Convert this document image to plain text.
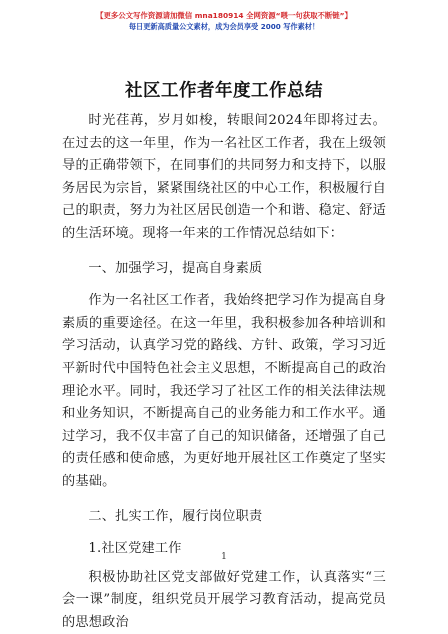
【更多公文写作资源请加微信 mna180914 全网资源“喂一句获取不断链”】
每日更新高质量公文素材，成为会员享受 2000 写作素材！
社区工作者年度工作总结

时光荏苒，岁月如梭，转眼间2024年即将过去。在过去的这一年里，作为一名社区工作者，我在上级领导的正确带领下，在同事们的共同努力和支持下，以服务居民为宗旨，紧紧围绕社区的中心工作，积极履行自己的职责，努力为社区居民创造一个和谐、稳定、舒适的生活环境。现将一年来的工作情况总结如下：

一、加强学习，提高自身素质

作为一名社区工作者，我始终把学习作为提高自身素质的重要途径。在这一年里，我积极参加各种培训和学习活动，认真学习党的路线、方针、政策，学习习近平新时代中国特色社会主义思想，不断提高自己的政治理论水平。同时，我还学习了社区工作的相关法律法规和业务知识，不断提高自己的业务能力和工作水平。通过学习，我不仅丰富了自己的知识储备，还增强了自己的责任感和使命感，为更好地开展社区工作奠定了坚实的基础。

二、扎实工作，履行岗位职责

1.社区党建工作

积极协助社区党支部做好党建工作，认真落实“三会一课”制度，组织党员开展学习教育活动，提高党员的思想政治

1
